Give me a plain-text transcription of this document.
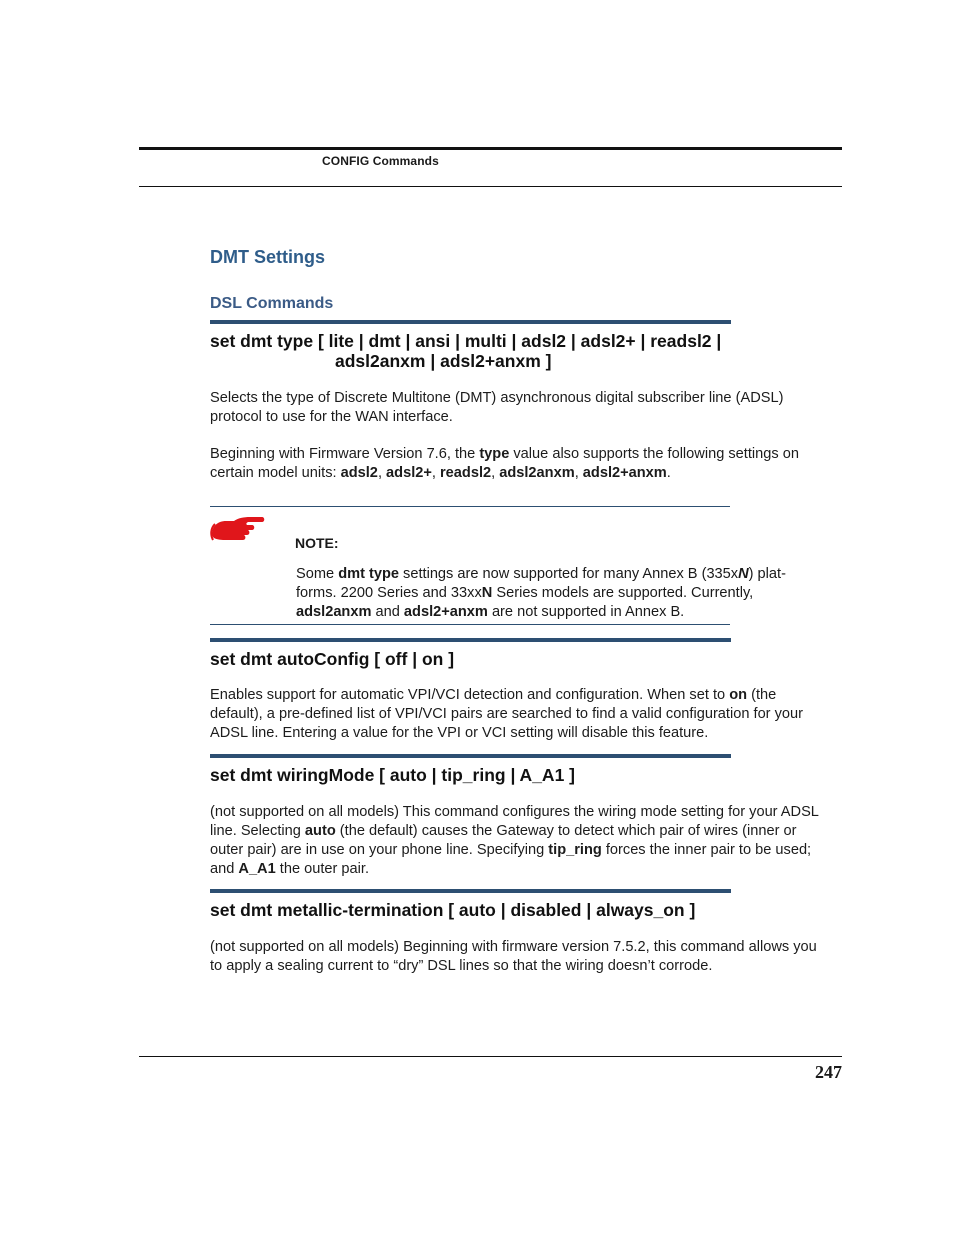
CONFIG Commands
DMT Settings
DSL Commands
set dmt type [ lite | dmt | ansi | multi | adsl2 | adsl2+ | readsl2 |
adsl2anxm | adsl2+anxm ]
Selects the type of Discrete Multitone (DMT) asynchronous digital subscriber line (ADSL) protocol to use for the WAN interface.
Beginning with Firmware Version 7.6, the type value also supports the following settings on certain model units: adsl2, adsl2+, readsl2, adsl2anxm, adsl2+anxm.
NOTE:
Some dmt type settings are now supported for many Annex B (335xN) plat-forms. 2200 Series and 33xxN Series models are supported. Currently, adsl2anxm and adsl2+anxm are not supported in Annex B.
set dmt autoConfig [ off | on ]
Enables support for automatic VPI/VCI detection and configuration. When set to on (the default), a pre-defined list of VPI/VCI pairs are searched to find a valid configuration for your ADSL line. Entering a value for the VPI or VCI setting will disable this feature.
set dmt wiringMode [ auto | tip_ring | A_A1 ]
(not supported on all models) This command configures the wiring mode setting for your ADSL line. Selecting auto (the default) causes the Gateway to detect which pair of wires (inner or outer pair) are in use on your phone line. Specifying tip_ring forces the inner pair to be used; and A_A1 the outer pair.
set dmt metallic-termination [ auto | disabled | always_on ]
(not supported on all models) Beginning with firmware version 7.5.2, this command allows you to apply a sealing current to “dry” DSL lines so that the wiring doesn’t corrode.
247
